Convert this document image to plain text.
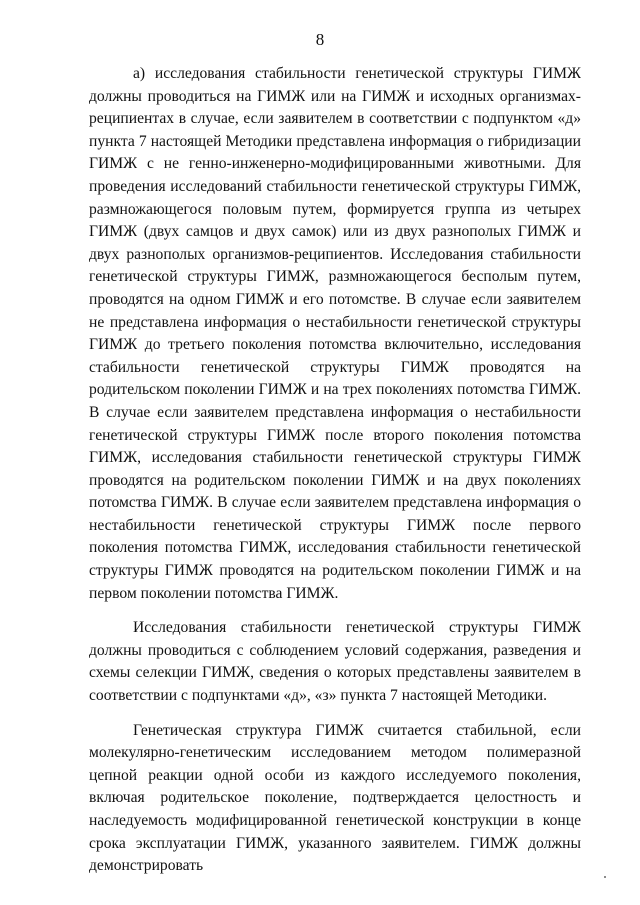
8

а) исследования стабильности генетической структуры ГИМЖ должны проводиться на ГИМЖ или на ГИМЖ и исходных организмах-реципиентах в случае, если заявителем в соответствии с подпунктом «д» пункта 7 настоящей Методики представлена информация о гибридизации ГИМЖ с не генно-инженерно-модифицированными животными. Для проведения исследований стабильности генетической структуры ГИМЖ, размножающегося половым путем, формируется группа из четырех ГИМЖ (двух самцов и двух самок) или из двух разнополых ГИМЖ и двух разнополых организмов-реципиентов. Исследования стабильности генетической структуры ГИМЖ, размножающегося бесполым путем, проводятся на одном ГИМЖ и его потомстве. В случае если заявителем не представлена информация о нестабильности генетической структуры ГИМЖ до третьего поколения потомства включительно, исследования стабильности генетической структуры ГИМЖ проводятся на родительском поколении ГИМЖ и на трех поколениях потомства ГИМЖ. В случае если заявителем представлена информация о нестабильности генетической структуры ГИМЖ после второго поколения потомства ГИМЖ, исследования стабильности генетической структуры ГИМЖ проводятся на родительском поколении ГИМЖ и на двух поколениях потомства ГИМЖ. В случае если заявителем представлена информация о нестабильности генетической структуры ГИМЖ после первого поколения потомства ГИМЖ, исследования стабильности генетической структуры ГИМЖ проводятся на родительском поколении ГИМЖ и на первом поколении потомства ГИМЖ.

Исследования стабильности генетической структуры ГИМЖ должны проводиться с соблюдением условий содержания, разведения и схемы селекции ГИМЖ, сведения о которых представлены заявителем в соответствии с подпунктами «д», «з» пункта 7 настоящей Методики.

Генетическая структура ГИМЖ считается стабильной, если молекулярно-генетическим исследованием методом полимеразной цепной реакции одной особи из каждого исследуемого поколения, включая родительское поколение, подтверждается целостность и наследуемость модифицированной генетической конструкции в конце срока эксплуатации ГИМЖ, указанного заявителем. ГИМЖ должны демонстрировать
